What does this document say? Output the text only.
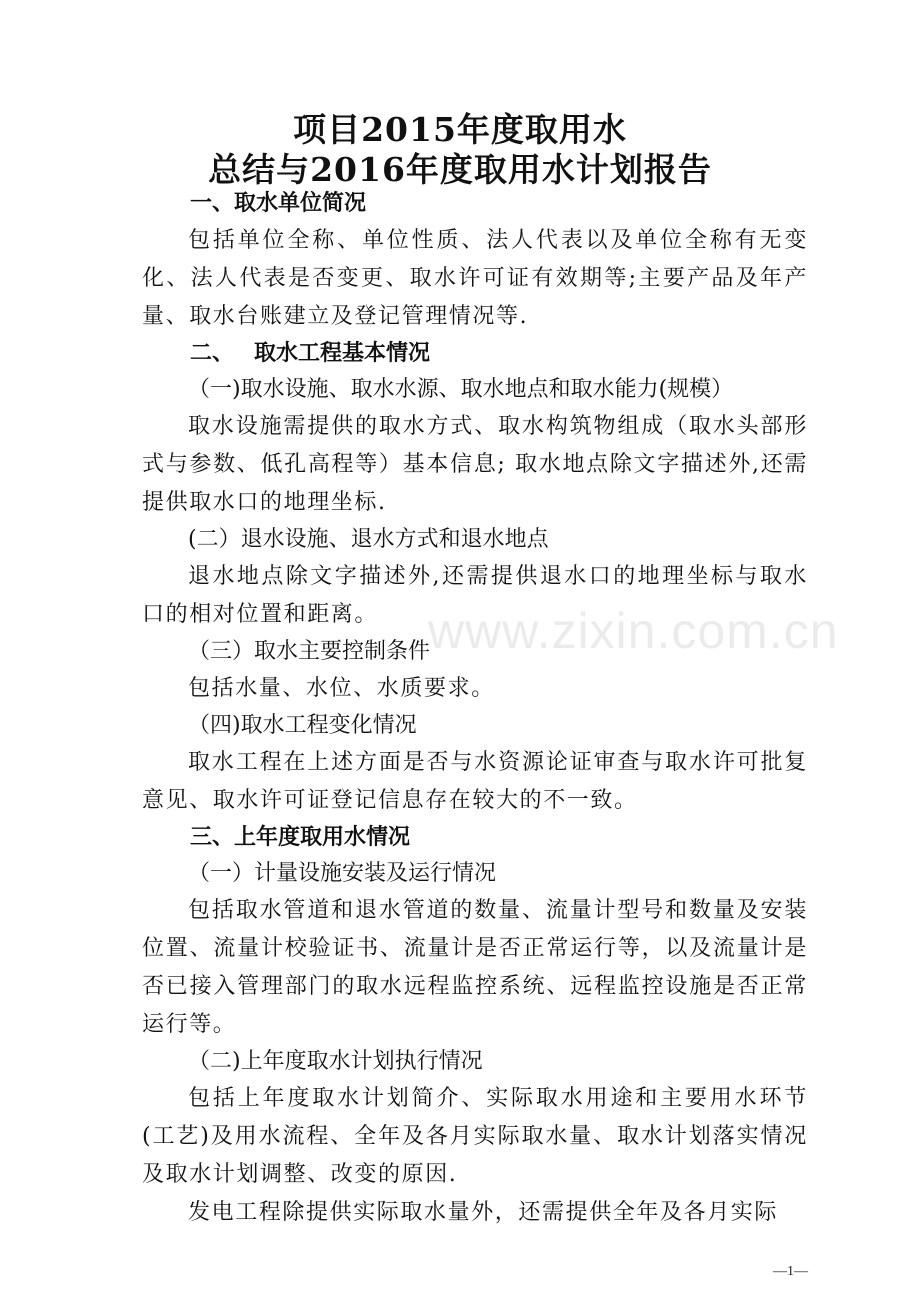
项目2015年度取用水
总结与2016年度取用水计划报告
一、取水单位简况
包括单位全称、单位性质、法人代表以及单位全称有无变化、法人代表是否变更、取水许可证有效期等;主要产品及年产量、取水台账建立及登记管理情况等.
二、 取水工程基本情况
（一)取水设施、取水水源、取水地点和取水能力(规模）
取水设施需提供的取水方式、取水构筑物组成（取水头部形式与参数、低孔高程等）基本信息; 取水地点除文字描述外,还需提供取水口的地理坐标.
(二）退水设施、退水方式和退水地点
退水地点除文字描述外,还需提供退水口的地理坐标与取水口的相对位置和距离。
（三）取水主要控制条件
包括水量、水位、水质要求。
（四)取水工程变化情况
取水工程在上述方面是否与水资源论证审查与取水许可批复意见、取水许可证登记信息存在较大的不一致。
三、上年度取用水情况
（一）计量设施安装及运行情况
包括取水管道和退水管道的数量、流量计型号和数量及安装位置、流量计校验证书、流量计是否正常运行等，以及流量计是否已接入管理部门的取水远程监控系统、远程监控设施是否正常运行等。
（二)上年度取水计划执行情况
包括上年度取水计划简介、实际取水用途和主要用水环节(工艺)及用水流程、全年及各月实际取水量、取水计划落实情况及取水计划调整、改变的原因.
发电工程除提供实际取水量外，还需提供全年及各月实际
www.zixin.com.cn
—1—
